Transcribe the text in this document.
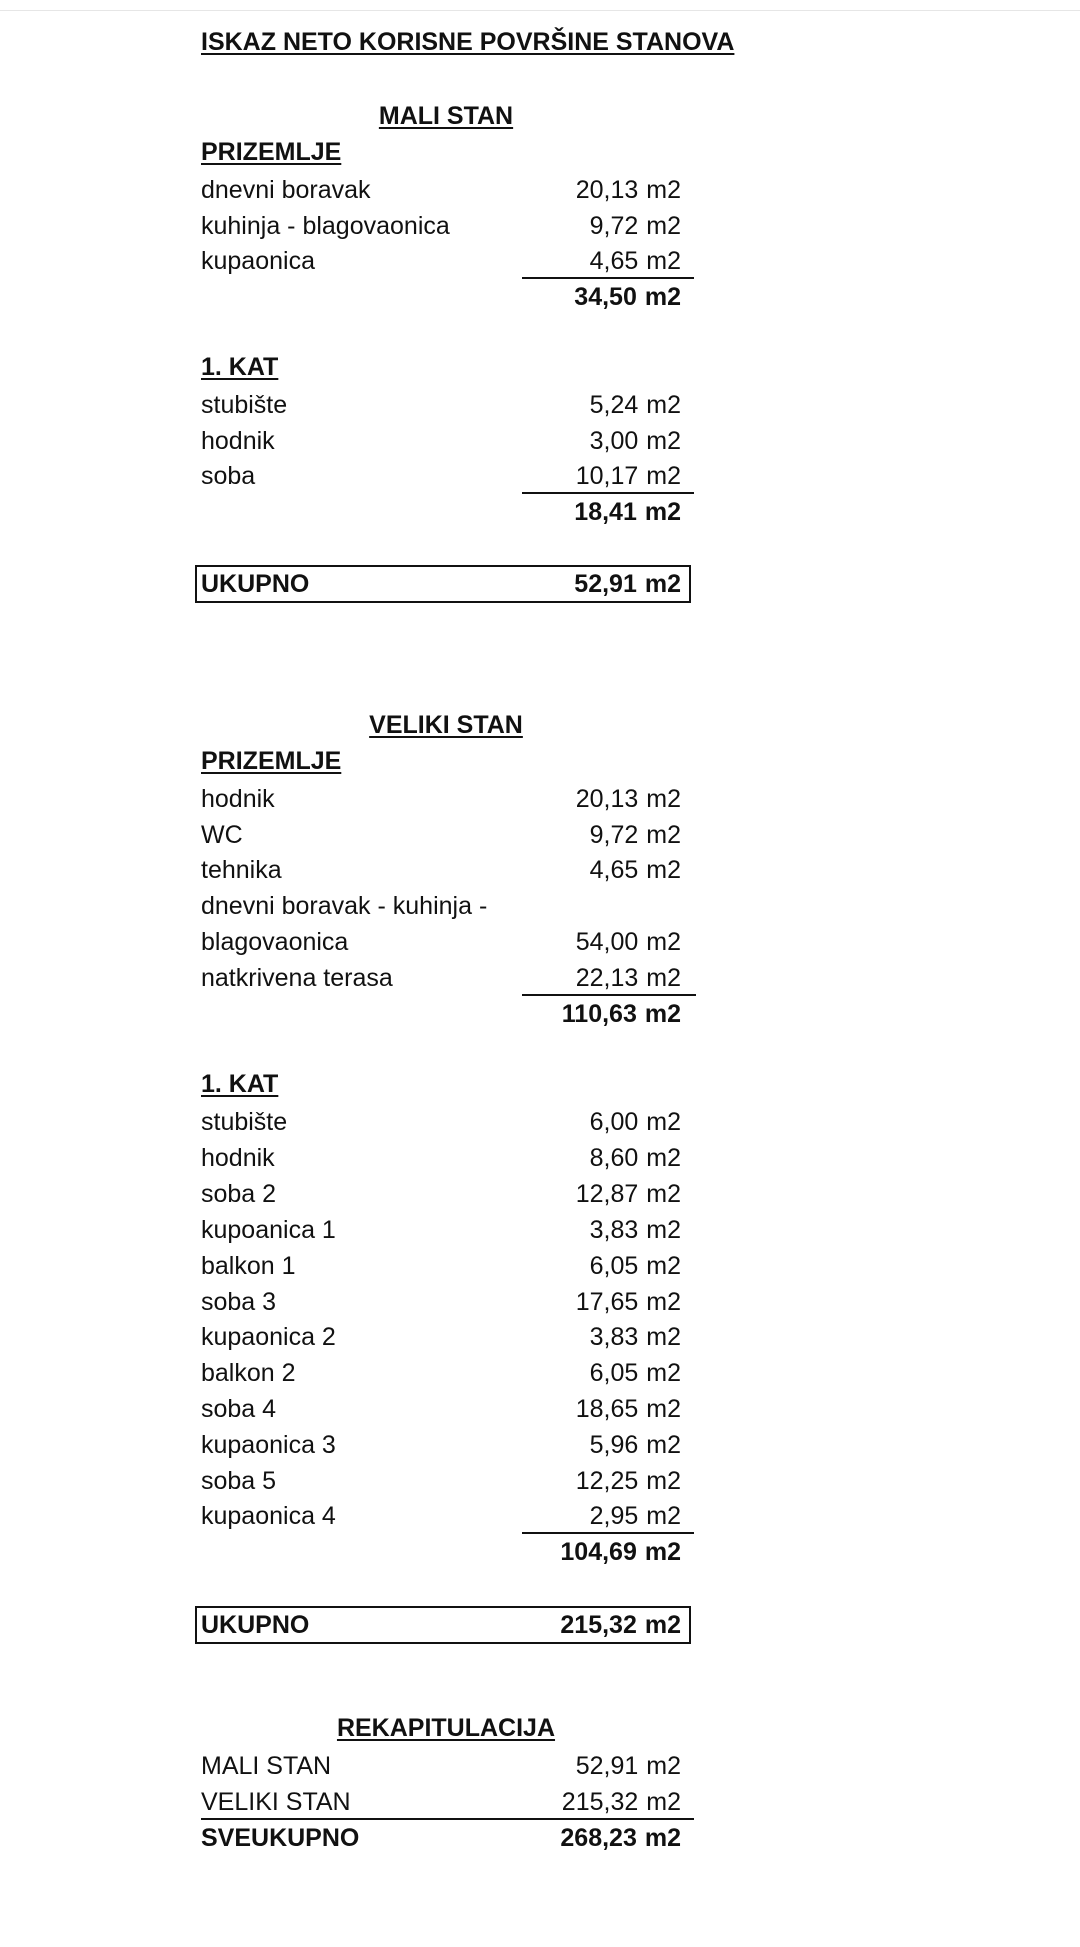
ISKAZ NETO KORISNE POVRŠINE STANOVA
MALI STAN
PRIZEMLJE
dnevni boravak	20,13 m2
kuhinja - blagovaonica	9,72 m2
kupaonica	4,65 m2
34,50 m2
1. KAT
stubište	5,24 m2
hodnik	3,00 m2
soba	10,17 m2
18,41 m2
UKUPNO	52,91 m2
VELIKI STAN
PRIZEMLJE
hodnik	20,13 m2
WC	9,72 m2
tehnika	4,65 m2
dnevni boravak - kuhinja -
blagovaonica	54,00 m2
natkrivena terasa	22,13 m2
110,63 m2
1. KAT
stubište	6,00 m2
hodnik	8,60 m2
soba 2	12,87 m2
kupoanica 1	3,83 m2
balkon 1	6,05 m2
soba 3	17,65 m2
kupaonica 2	3,83 m2
balkon 2	6,05 m2
soba 4	18,65 m2
kupaonica 3	5,96 m2
soba 5	12,25 m2
kupaonica 4	2,95 m2
104,69 m2
UKUPNO	215,32 m2
REKAPITULACIJA
MALI STAN	52,91 m2
VELIKI STAN	215,32 m2
SVEUKUPNO	268,23 m2
